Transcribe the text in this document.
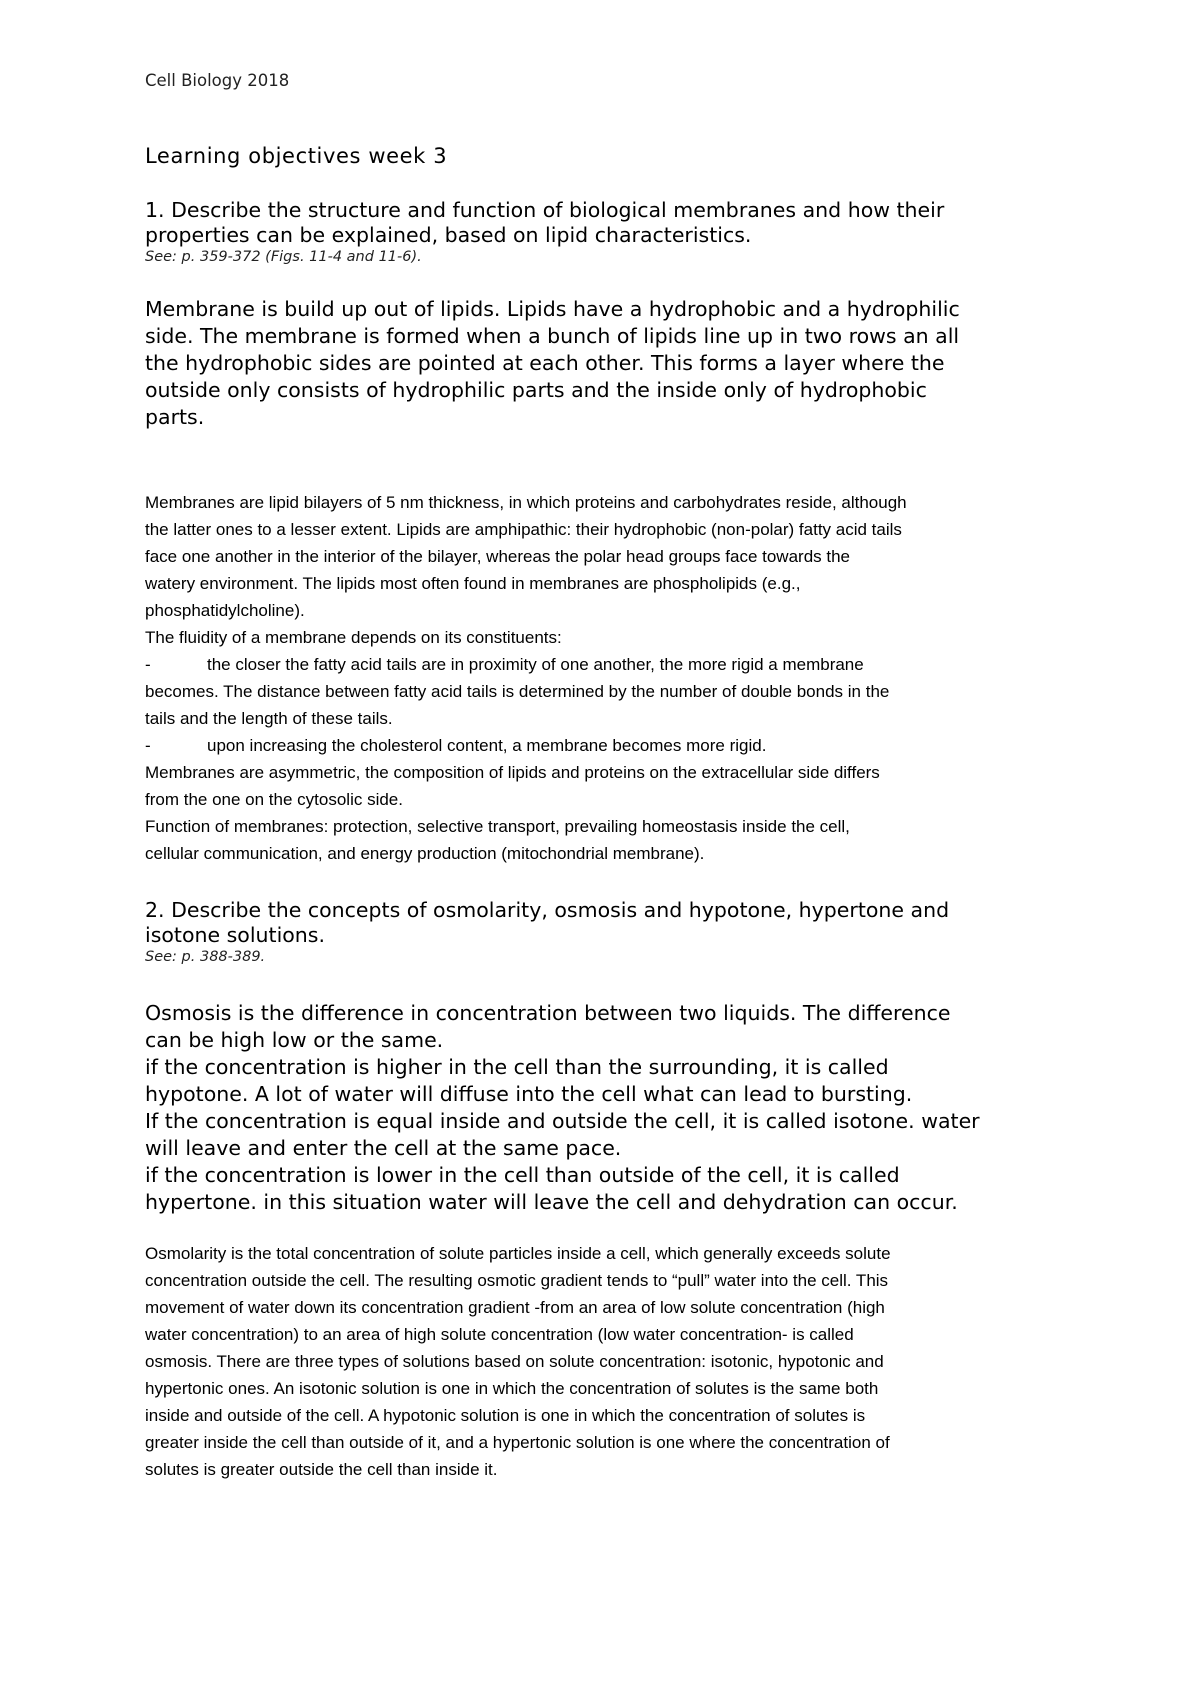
Cell Biology 2018
Learning objectives week 3
1. Describe the structure and function of biological membranes and how their
properties can be explained, based on lipid characteristics.
See: p. 359-372 (Figs. 11-4 and 11-6).
Membrane is build up out of lipids. Lipids have a hydrophobic and a hydrophilic
side. The membrane is formed when a bunch of lipids line up in two rows an all
the hydrophobic sides are pointed at each other. This forms a layer where the
outside only consists of hydrophilic parts and the inside only of hydrophobic
parts.
Membranes are lipid bilayers of 5 nm thickness, in which proteins and carbohydrates reside, although
the latter ones to a lesser extent. Lipids are amphipathic: their hydrophobic (non-polar) fatty acid tails
face one another in the interior of the bilayer, whereas the polar head groups face towards the
watery environment. The lipids most often found in membranes are phospholipids (e.g.,
phosphatidylcholine).
The fluidity of a membrane depends on its constituents:
-	the closer the fatty acid tails are in proximity of one another, the more rigid a membrane
becomes. The distance between fatty acid tails is determined by the number of double bonds in the
tails and the length of these tails.
-	upon increasing the cholesterol content, a membrane becomes more rigid.
Membranes are asymmetric, the composition of lipids and proteins on the extracellular side differs
from the one on the cytosolic side.
Function of membranes: protection, selective transport, prevailing homeostasis inside the cell,
cellular communication, and energy production (mitochondrial membrane).
2. Describe the concepts of osmolarity, osmosis and hypotone, hypertone and
isotone solutions.
See: p. 388-389.
Osmosis is the difference in concentration between two liquids. The difference
can be high low or the same.
if the concentration is higher in the cell than the surrounding, it is called
hypotone. A lot of water will diffuse into the cell what can lead to bursting.
If the concentration is equal inside and outside the cell, it is called isotone. water
will leave and enter the cell at the same pace.
if the concentration is lower in the cell than outside of the cell, it is called
hypertone. in this situation water will leave the cell and dehydration can occur.
Osmolarity is the total concentration of solute particles inside a cell, which generally exceeds solute
concentration outside the cell. The resulting osmotic gradient tends to “pull” water into the cell. This
movement of water down its concentration gradient -from an area of low solute concentration (high
water concentration) to an area of high solute concentration (low water concentration- is called
osmosis. There are three types of solutions based on solute concentration: isotonic, hypotonic and
hypertonic ones. An isotonic solution is one in which the concentration of solutes is the same both
inside and outside of the cell. A hypotonic solution is one in which the concentration of solutes is
greater inside the cell than outside of it, and a hypertonic solution is one where the concentration of
solutes is greater outside the cell than inside it.
